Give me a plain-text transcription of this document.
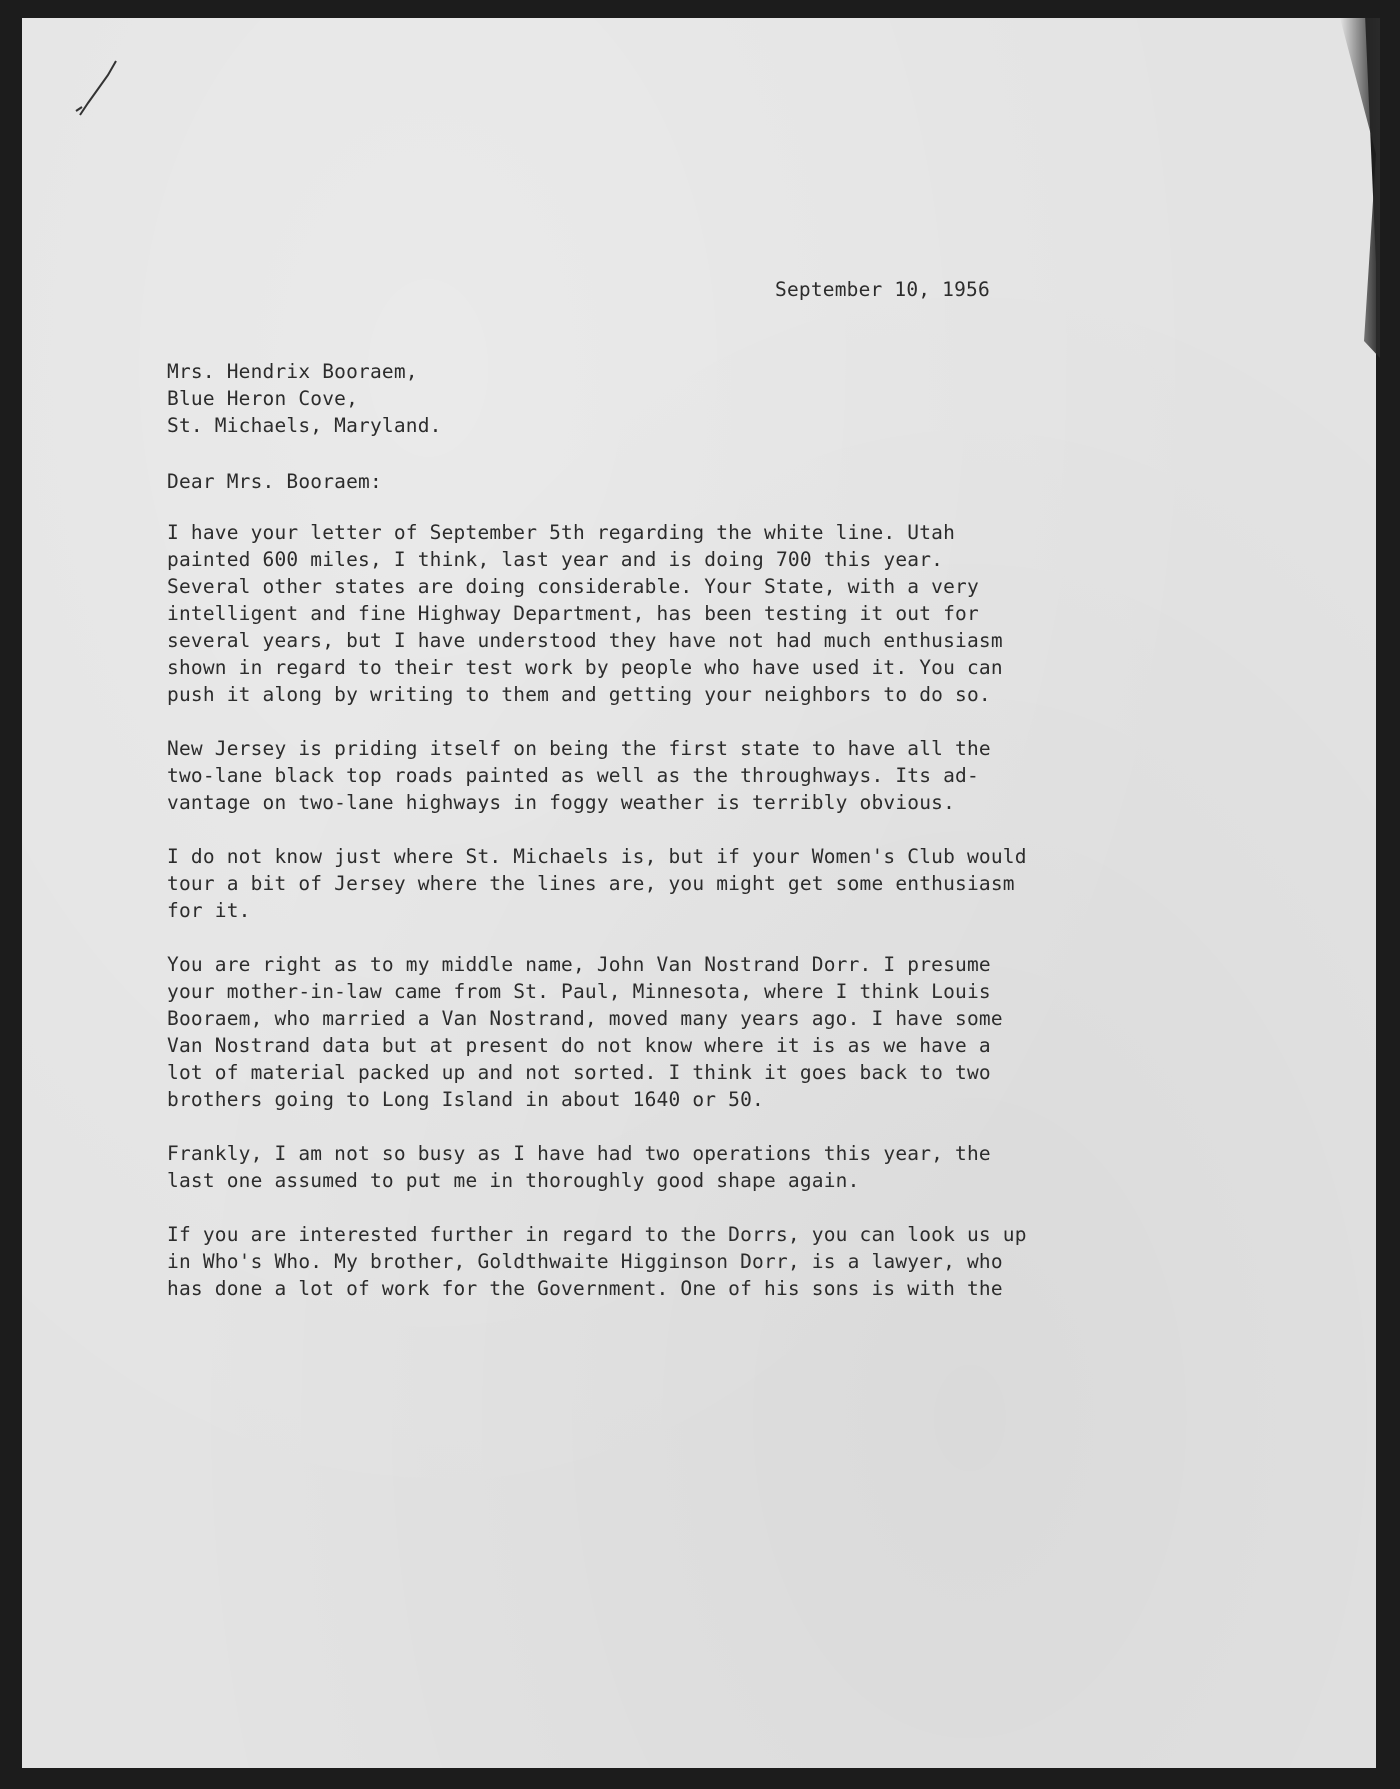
September 10, 1956
Mrs. Hendrix Booraem,
Blue Heron Cove,
St. Michaels, Maryland.
Dear Mrs. Booraem:
I have your letter of September 5th regarding the white line. Utah
painted 600 miles, I think, last year and is doing 700 this year.
Several other states are doing considerable. Your State, with a very
intelligent and fine Highway Department, has been testing it out for
several years, but I have understood they have not had much enthusiasm
shown in regard to their test work by people who have used it. You can
push it along by writing to them and getting your neighbors to do so.
New Jersey is priding itself on being the first state to have all the
two-lane black top roads painted as well as the throughways. Its ad-
vantage on two-lane highways in foggy weather is terribly obvious.
I do not know just where St. Michaels is, but if your Women's Club would
tour a bit of Jersey where the lines are, you might get some enthusiasm
for it.
You are right as to my middle name, John Van Nostrand Dorr. I presume
your mother-in-law came from St. Paul, Minnesota, where I think Louis
Booraem, who married a Van Nostrand, moved many years ago. I have some
Van Nostrand data but at present do not know where it is as we have a
lot of material packed up and not sorted. I think it goes back to two
brothers going to Long Island in about 1640 or 50.
Frankly, I am not so busy as I have had two operations this year, the
last one assumed to put me in thoroughly good shape again.
If you are interested further in regard to the Dorrs, you can look us up
in Who's Who. My brother, Goldthwaite Higginson Dorr, is a lawyer, who
has done a lot of work for the Government. One of his sons is with the
